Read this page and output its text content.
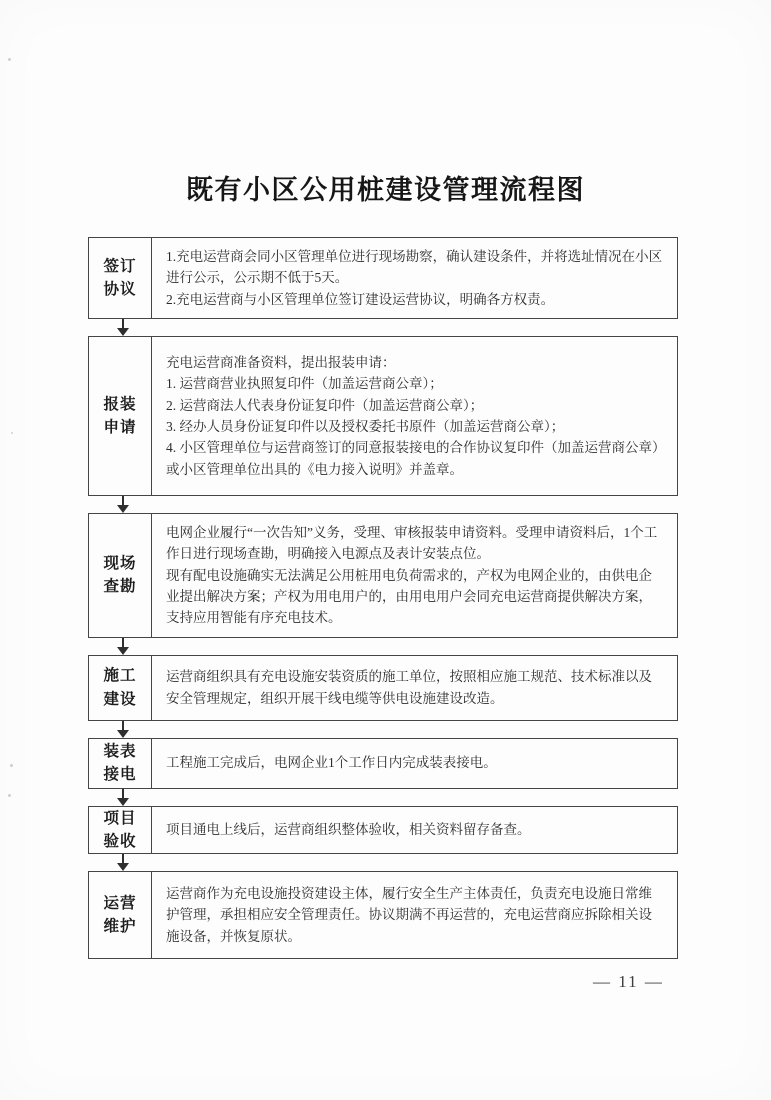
既有小区公用桩建设管理流程图
签订
协议

1.充电运营商会同小区管理单位进行现场勘察，确认建设条件，并将选址情况在小区进行公示，公示期不低于5天。

2.充电运营商与小区管理单位签订建设运营协议，明确各方权责。

报装
申请

充电运营商准备资料，提出报装申请：

1. 运营商营业执照复印件（加盖运营商公章）；

2. 运营商法人代表身份证复印件（加盖运营商公章）；

3. 经办人员身份证复印件以及授权委托书原件（加盖运营商公章）；

4. 小区管理单位与运营商签订的同意报装接电的合作协议复印件（加盖运营商公章）或小区管理单位出具的《电力接入说明》并盖章。

现场
查勘

电网企业履行“一次告知”义务，受理、审核报装申请资料。受理申请资料后，1个工作日进行现场查勘，明确接入电源点及表计安装点位。

现有配电设施确实无法满足公用桩用电负荷需求的，产权为电网企业的，由供电企业提出解决方案；产权为用电用户的，由用电用户会同充电运营商提供解决方案，支持应用智能有序充电技术。

施工
建设

运营商组织具有充电设施安装资质的施工单位，按照相应施工规范、技术标准以及安全管理规定，组织开展干线电缆等供电设施建设改造。

装表
接电

工程施工完成后，电网企业1个工作日内完成装表接电。

项目
验收

项目通电上线后，运营商组织整体验收，相关资料留存备查。

运营
维护

运营商作为充电设施投资建设主体，履行安全生产主体责任，负责充电设施日常维护管理，承担相应安全管理责任。协议期满不再运营的，充电运营商应拆除相关设施设备，并恢复原状。

— 11 —
